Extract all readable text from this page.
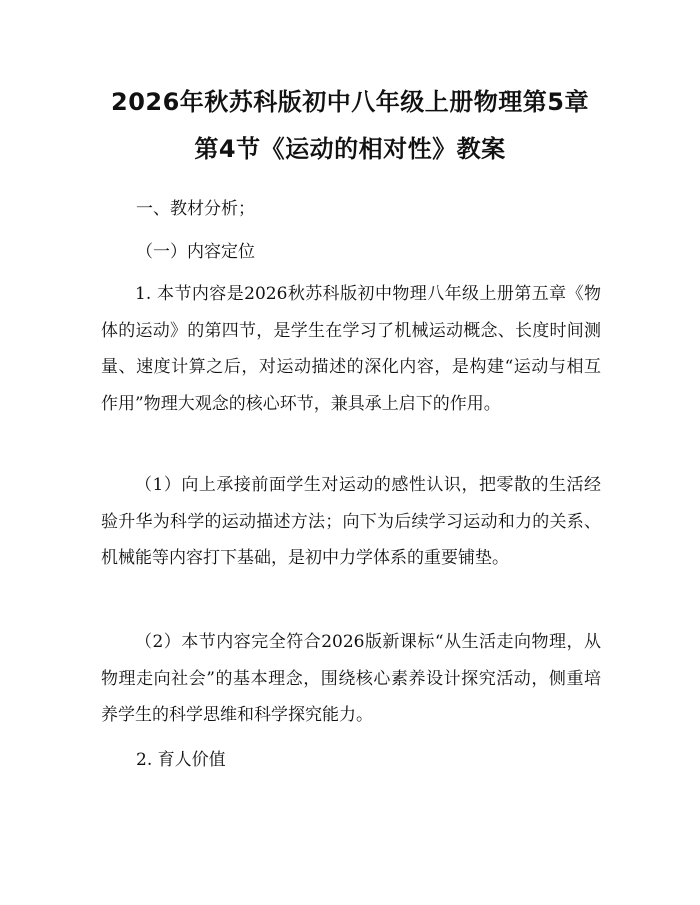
2026年秋苏科版初中八年级上册物理第5章
第4节《运动的相对性》教案
一、教材分析；
（一）内容定位
1. 本节内容是2026秋苏科版初中物理八年级上册第五章《物体的运动》的第四节，是学生在学习了机械运动概念、长度时间测量、速度计算之后，对运动描述的深化内容，是构建“运动与相互作用”物理大观念的核心环节，兼具承上启下的作用。
（1）向上承接前面学生对运动的感性认识，把零散的生活经验升华为科学的运动描述方法；向下为后续学习运动和力的关系、机械能等内容打下基础，是初中力学体系的重要铺垫。
（2）本节内容完全符合2026版新课标“从生活走向物理，从物理走向社会”的基本理念，围绕核心素养设计探究活动，侧重培养学生的科学思维和科学探究能力。
2. 育人价值
